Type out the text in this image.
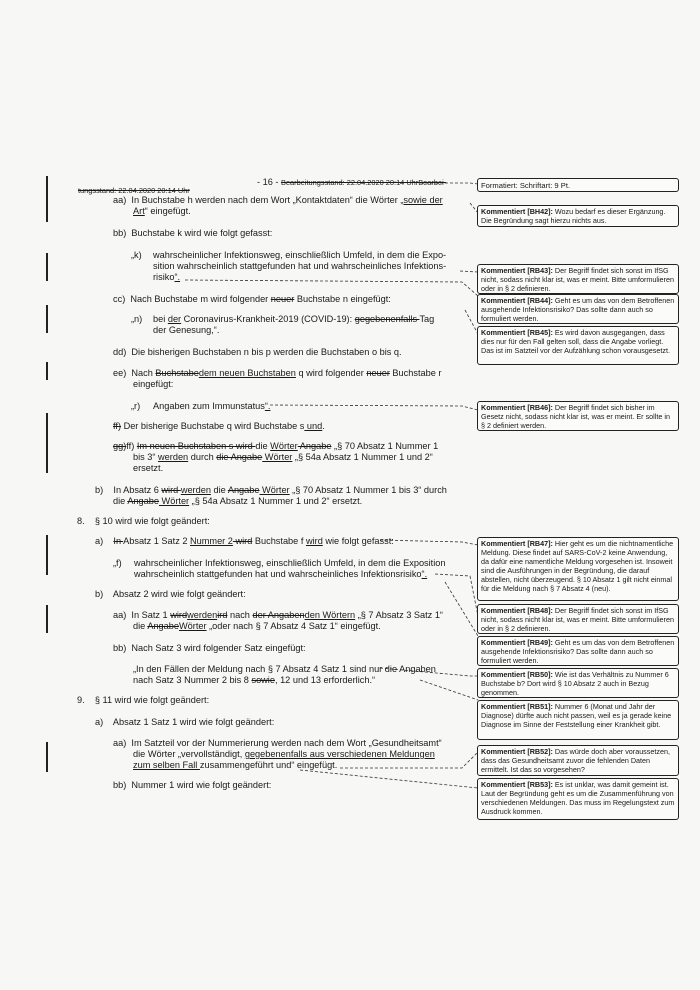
- 16 - Bearbeitungsstand: 22.04.2020 20:14 UhrBearbei-
tungsstand: 22.04.2020 20:14 Uhr
Formatiert: Schriftart: 9 Pt.
aa) In Buchstabe h werden nach dem Wort „Kontaktdaten“ die Wörter „sowie der
Art“ eingefügt.
bb) Buchstabe k wird wie folgt gefasst:
„k) wahrscheinlicher Infektionsweg, einschließlich Umfeld, in dem die Expo-
sition wahrscheinlich stattgefunden hat und wahrscheinliches Infektions-
risiko“.
cc) Nach Buchstabe m wird folgender neuer Buchstabe n eingefügt:
„n) bei der Coronavirus-Krankheit-2019 (COVID-19): gegebenenfalls Tag
der Genesung,“.
dd) Die bisherigen Buchstaben n bis p werden die Buchstaben o bis q.
ee) Nach Buchstabedem neuen Buchstaben q wird folgender neuer Buchstabe r
eingefügt:
„r) Angaben zum Immunstatus“.
ff) Der bisherige Buchstabe q wird Buchstabe s und.
gg)ff) Im neuen Buchstaben s wird die Wörter Angabe „§ 70 Absatz 1 Nummer 1
bis 3“ werden durch die Angabe Wörter „§ 54a Absatz 1 Nummer 1 und 2“
ersetzt.
b) In Absatz 6 wird werden die Angabe Wörter „§ 70 Absatz 1 Nummer 1 bis 3“ durch
die Angabe Wörter „§ 54a Absatz 1 Nummer 1 und 2“ ersetzt.
8. § 10 wird wie folgt geändert:
a) In Absatz 1 Satz 2 Nummer 2 wird Buchstabe f wird wie folgt gefasst:
„f) wahrscheinlicher Infektionsweg, einschließlich Umfeld, in dem die Exposition
wahrscheinlich stattgefunden hat und wahrscheinliches Infektionsrisiko“.
b) Absatz 2 wird wie folgt geändert:
aa) In Satz 1 wirdwerdenird nach der Angabenden Wörtern „§ 7 Absatz 3 Satz 1“
die AngabeWörter „oder nach § 7 Absatz 4 Satz 1“ eingefügt.
bb) Nach Satz 3 wird folgender Satz eingefügt:
„In den Fällen der Meldung nach § 7 Absatz 4 Satz 1 sind nur die Angaben
nach Satz 3 Nummer 2 bis 8 sowie, 12 und 13 erforderlich.“
9. § 11 wird wie folgt geändert:
a) Absatz 1 Satz 1 wird wie folgt geändert:
aa) Im Satzteil vor der Nummerierung werden nach dem Wort „Gesundheitsamt“
die Wörter „vervollständigt, gegebenenfalls aus verschiedenen Meldungen
zum selben Fall zusammengeführt und“ eingefügt.
bb) Nummer 1 wird wie folgt geändert:
Kommentiert [BH42]: Wozu bedarf es dieser Ergänzung. Die Begründung sagt hierzu nichts aus.
Kommentiert [RB43]: Der Begriff findet sich sonst im IfSG nicht, sodass nicht klar ist, was er meint. Bitte umformulieren oder in § 2 definieren.
Kommentiert [RB44]: Geht es um das von dem Betroffenen ausgehende Infektionsrisiko? Das sollte dann auch so formuliert werden.
Kommentiert [RB45]: Es wird davon ausgegangen, dass dies nur für den Fall gelten soll, dass die Angabe vorliegt. Das ist im Satzteil vor der Aufzählung schon vorausgesetzt.
Kommentiert [RB46]: Der Begriff findet sich bisher im Gesetz nicht, sodass nicht klar ist, was er meint. Er sollte in § 2 definiert werden.
Kommentiert [RB47]: Hier geht es um die nichtnamentliche Meldung. Diese findet auf SARS-CoV-2 keine Anwendung, da dafür eine namentliche Meldung vorgesehen ist. Insoweit sind die Ausführungen in der Begründung, die darauf abstellen, nicht überzeugend. § 10 Absatz 1 gilt nicht einmal für die Meldung nach § 7 Absatz 4 (neu).
Kommentiert [RB48]: Der Begriff findet sich sonst im IfSG nicht, sodass nicht klar ist, was er meint. Bitte umformulieren oder in § 2 definieren.
Kommentiert [RB49]: Geht es um das von dem Betroffenen ausgehende Infektionsrisiko? Das sollte dann auch so formuliert werden.
Kommentiert [RB50]: Wie ist das Verhältnis zu Nummer 6 Buchstabe b? Dort wird § 10 Absatz 2 auch in Bezug genommen.
Kommentiert [RB51]: Nummer 6 (Monat und Jahr der Diagnose) dürfte auch nicht passen, weil es ja gerade keine Diagnose im Sinne der Feststellung einer Krankheit gibt.
Kommentiert [RB52]: Das würde doch aber voraussetzen, dass das Gesundheitsamt zuvor die fehlenden Daten ermittelt. Ist das so vorgesehen?
Kommentiert [RB53]: Es ist unklar, was damit gemeint ist. Laut der Begründung geht es um die Zusammenführung von verschiedenen Meldungen. Das muss im Regelungstext zum Ausdruck kommen.
